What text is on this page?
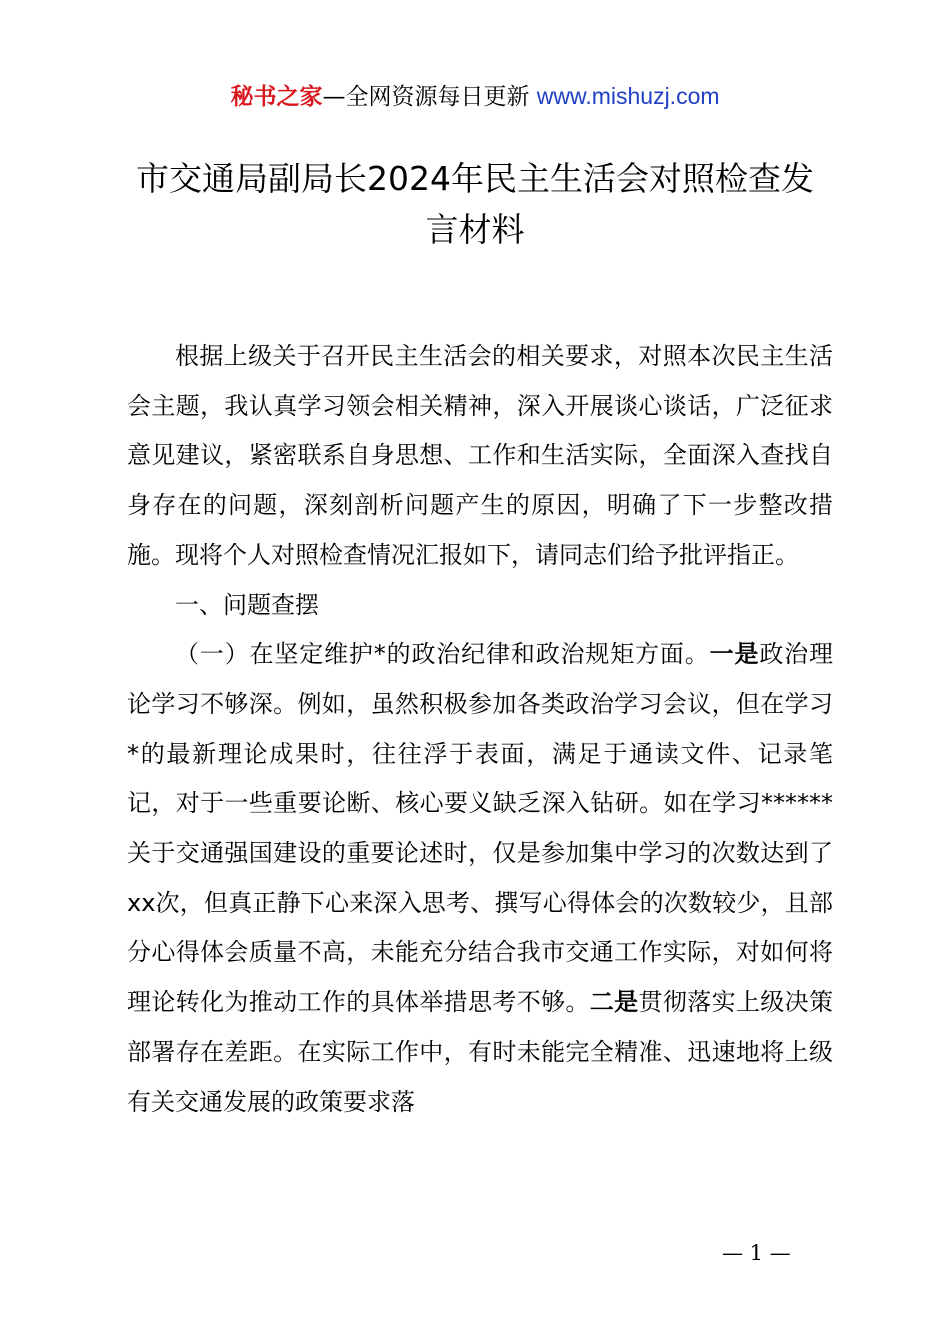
秘书之家—全网资源每日更新 www.mishuzj.com
市交通局副局长2024年民主生活会对照检查发言材料

根据上级关于召开民主生活会的相关要求，对照本次民主生活会主题，我认真学习领会相关精神，深入开展谈心谈话，广泛征求意见建议，紧密联系自身思想、工作和生活实际，全面深入查找自身存在的问题，深刻剖析问题产生的原因，明确了下一步整改措施。现将个人对照检查情况汇报如下，请同志们给予批评指正。

一、问题查摆

（一）在坚定维护*的政治纪律和政治规矩方面。一是政治理论学习不够深。例如，虽然积极参加各类政治学习会议，但在学习*的最新理论成果时，往往浮于表面，满足于通读文件、记录笔记，对于一些重要论断、核心要义缺乏深入钻研。如在学习******关于交通强国建设的重要论述时，仅是参加集中学习的次数达到了xx次，但真正静下心来深入思考、撰写心得体会的次数较少，且部分心得体会质量不高，未能充分结合我市交通工作实际，对如何将理论转化为推动工作的具体举措思考不够。二是贯彻落实上级决策部署存在差距。在实际工作中，有时未能完全精准、迅速地将上级有关交通发展的政策要求落

— 1 —
